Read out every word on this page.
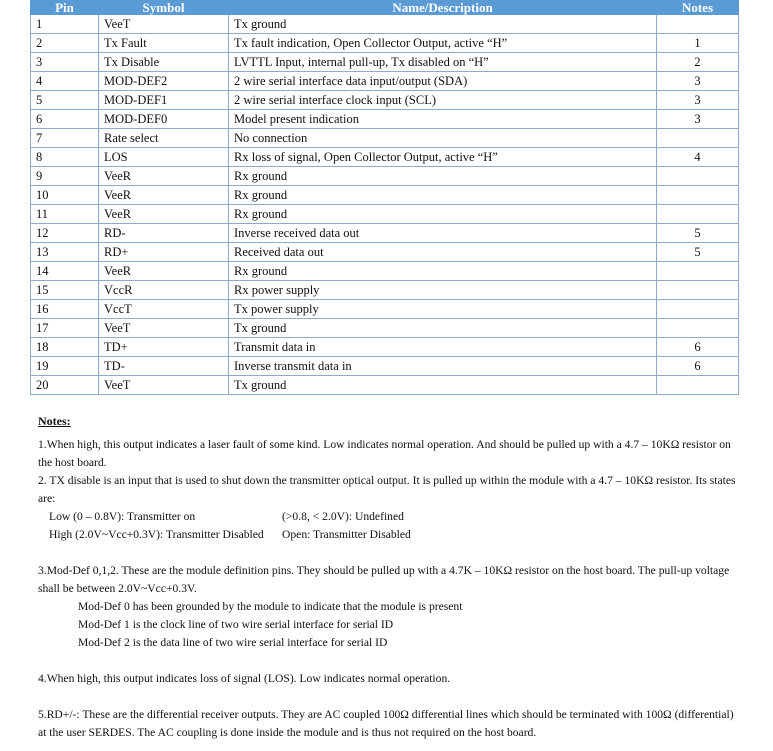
Pin	Symbol	Name/Description	Notes
1	VeeT	Tx ground	
2	Tx Fault	Tx fault indication, Open Collector Output, active “H”	1
3	Tx Disable	LVTTL Input, internal pull-up, Tx disabled on “H”	2
4	MOD-DEF2	2 wire serial interface data input/output (SDA)	3
5	MOD-DEF1	2 wire serial interface clock input (SCL)	3
6	MOD-DEF0	Model present indication	3
7	Rate select	No connection	
8	LOS	Rx loss of signal, Open Collector Output, active “H”	4
9	VeeR	Rx ground	
10	VeeR	Rx ground	
11	VeeR	Rx ground	
12	RD-	Inverse received data out	5
13	RD+	Received data out	5
14	VeeR	Rx ground	
15	VccR	Rx power supply	
16	VccT	Tx power supply	
17	VeeT	Tx ground	
18	TD+	Transmit data in	6
19	TD-	Inverse transmit data in	6
20	VeeT	Tx ground	
Notes:

1.When high, this output indicates a laser fault of some kind. Low indicates normal operation. And should be pulled up with a 4.7 – 10KΩ resistor on the host board.

2. TX disable is an input that is used to shut down the transmitter optical output. It is pulled up within the module with a 4.7 – 10KΩ resistor. Its states are:

Low (0 – 0.8V): Transmitter on	(>0.8, < 2.0V): Undefined
High (2.0V~Vcc+0.3V): Transmitter Disabled	Open: Transmitter Disabled

3.Mod-Def 0,1,2. These are the module definition pins. They should be pulled up with a 4.7K – 10KΩ resistor on the host board. The pull-up voltage shall be between 2.0V~Vcc+0.3V.

Mod-Def 0 has been grounded by the module to indicate that the module is present
Mod-Def 1 is the clock line of two wire serial interface for serial ID
Mod-Def 2 is the data line of two wire serial interface for serial ID

4.When high, this output indicates loss of signal (LOS). Low indicates normal operation.

5.RD+/-: These are the differential receiver outputs. They are AC coupled 100Ω differential lines which should be terminated with 100Ω (differential) at the user SERDES. The AC coupling is done inside the module and is thus not required on the host board.
